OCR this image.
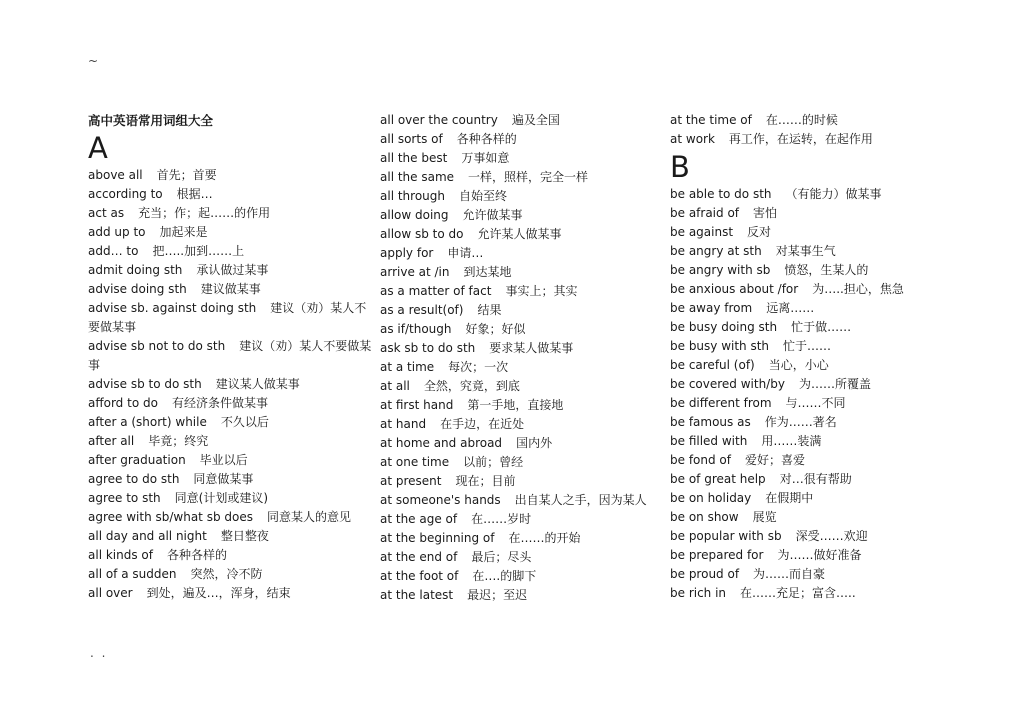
~
高中英语常用词组大全
A
above all 首先；首要
according to 根据…
act as 充当；作；起……的作用
add up to 加起来是
add… to 把…..加到……上
admit doing sth 承认做过某事
advise doing sth 建议做某事
advise sb. against doing sth 建议（劝）某人不要做某事
advise sb not to do sth 建议（劝）某人不要做某事
advise sb to do sth 建议某人做某事
afford to do 有经济条件做某事
after a (short) while 不久以后
after all 毕竟；终究
after graduation 毕业以后
agree to do sth 同意做某事
agree to sth 同意(计划或建议)
agree with sb/what sb does 同意某人的意见
all day and all night 整日整夜
all kinds of 各种各样的
all of a sudden 突然，冷不防
all over 到处，遍及…，浑身，结束
all over the country 遍及全国
all sorts of 各种各样的
all the best 万事如意
all the same 一样，照样，完全一样
all through 自始至终
allow doing 允许做某事
allow sb to do 允许某人做某事
apply for 申请…
arrive at /in 到达某地
as a matter of fact 事实上；其实
as a result(of) 结果
as if/though 好象；好似
ask sb to do sth 要求某人做某事
at a time 每次；一次
at all 全然，究竟，到底
at first hand 第一手地，直接地
at hand 在手边，在近处
at home and abroad 国内外
at one time 以前；曾经
at present 现在；目前
at someone's hands 出自某人之手，因为某人
at the age of 在……岁时
at the beginning of 在……的开始
at the end of 最后；尽头
at the foot of 在….的脚下
at the latest 最迟；至迟
at the time of 在……的时候
at work 再工作，在运转，在起作用
B
be able to do sth （有能力）做某事
be afraid of 害怕
be against 反对
be angry at sth 对某事生气
be angry with sb 愤怒，生某人的
be anxious about /for 为…..担心，焦急
be away from 远离……
be busy doing sth 忙于做……
be busy with sth 忙于……
be careful (of) 当心，小心
be covered with/by 为……所覆盖
be different from 与……不同
be famous as 作为……著名
be filled with 用……装满
be fond of 爱好；喜爱
be of great help 对…很有帮助
be on holiday 在假期中
be on show 展览
be popular with sb 深受……欢迎
be prepared for 为……做好准备
be proud of 为……而自豪
be rich in 在……充足；富含…..
. .
